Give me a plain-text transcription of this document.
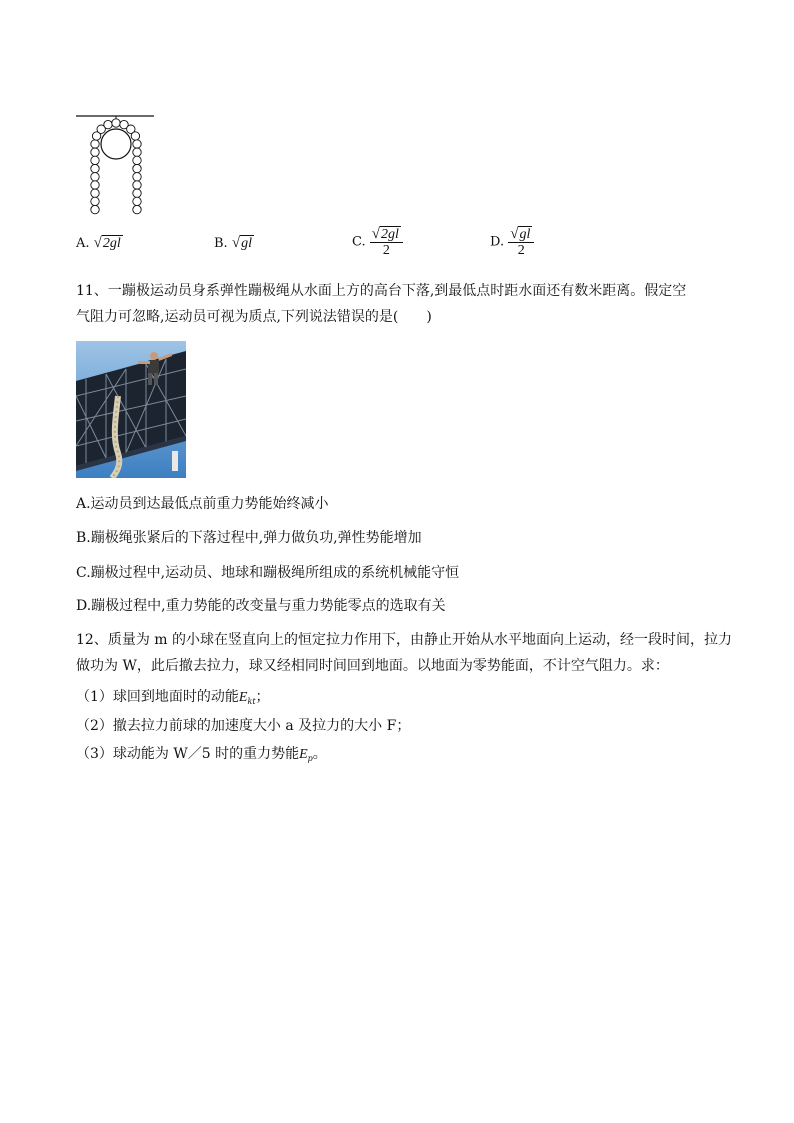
A. √ 2gl	B. √ gl	C. $\frac{√ 2gl}{2}$	D. $\frac{√ gl}{2}$
11、一蹦极运动员身系弹性蹦极绳从水面上方的高台下落,到最低点时距水面还有数米距离。假定空
气阻力可忽略,运动员可视为质点,下列说法错误的是(　　)
A.运动员到达最低点前重力势能始终减小
B.蹦极绳张紧后的下落过程中,弹力做负功,弹性势能增加
C.蹦极过程中,运动员、地球和蹦极绳所组成的系统机械能守恒
D.蹦极过程中,重力势能的改变量与重力势能零点的选取有关
12、质量为 m 的小球在竖直向上的恒定拉力作用下，由静止开始从水平地面向上运动，经一段时间，拉力
做功为 W，此后撤去拉力，球又经相同时间回到地面。以地面为零势能面，不计空气阻力。求：
（1）球回到地面时的动能$E_{kt}$；
（2）撤去拉力前球的加速度大小 a 及拉力的大小 F；
（3）球动能为 W／5 时的重力势能$E_p$。
